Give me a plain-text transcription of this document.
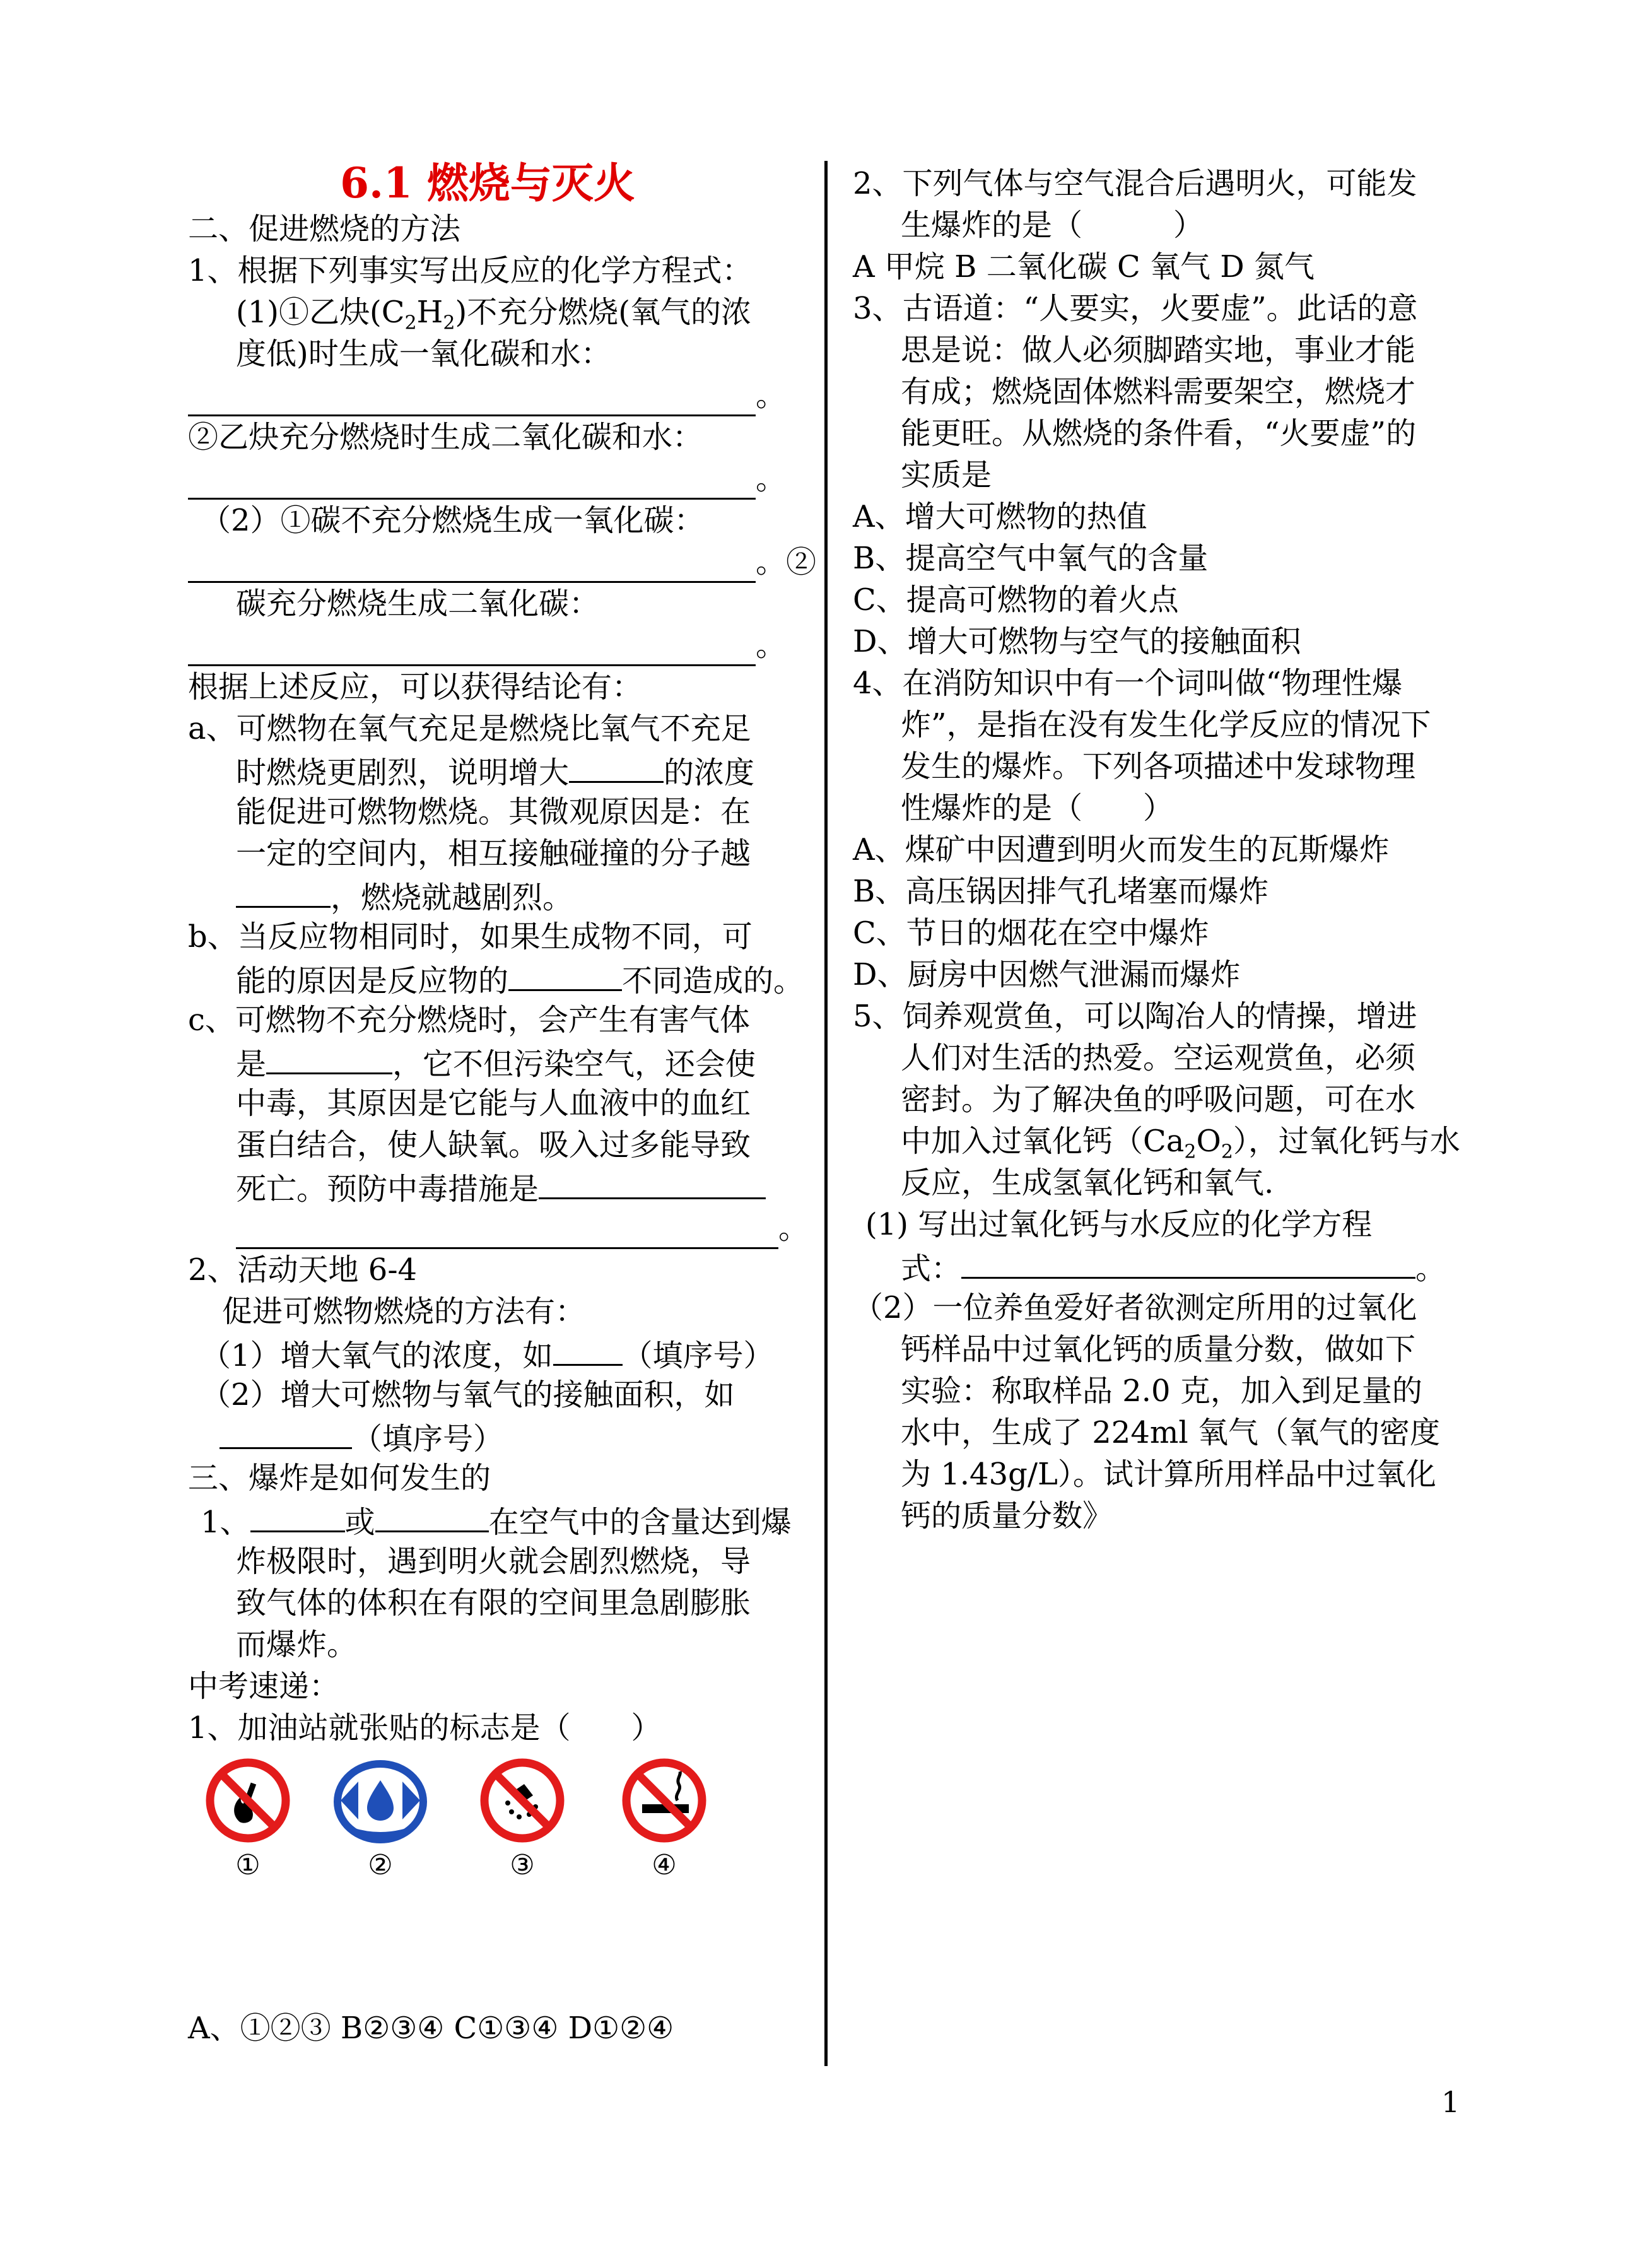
6.1 燃烧与灭火
二、促进燃烧的方法
1、根据下列事实写出反应的化学方程式：
(1)①乙炔$(C_2H_2)$不充分燃烧(氧气的浓
度低)时生成一氧化碳和水：
。
②乙炔充分燃烧时生成二氧化碳和水：
。
（2）①碳不充分燃烧生成一氧化碳：
。②
碳充分燃烧生成二氧化碳：
。
根据上述反应，可以获得结论有：
a、可燃物在氧气充足是燃烧比氧气不充足
时燃烧更剧烈，说明增大	的浓度
能促进可燃物燃烧。其微观原因是：在
一定的空间内，相互接触碰撞的分子越
，燃烧就越剧烈。
b、当反应物相同时，如果生成物不同，可
能的原因是反应物的	不同造成的。
c、可燃物不充分燃烧时，会产生有害气体
是	，它不但污染空气，还会使
中毒，其原因是它能与人血液中的血红
蛋白结合，使人缺氧。吸入过多能导致
死亡。预防中毒措施是
。
2、活动天地 6-4
促进可燃物燃烧的方法有：
（1）增大氧气的浓度，如 （填序号）
（2）增大可燃物与氧气的接触面积，如
（填序号）
三、爆炸是如何发生的
1、	或	在空气中的含量达到爆
炸极限时，遇到明火就会剧烈燃烧，导
致气体的体积在有限的空间里急剧膨胀
而爆炸。
中考速递：
1、加油站就张贴的标志是（　　）
①	②	③	④
A、①②③ B②③④ C①③④ D①②④
2、下列气体与空气混合后遇明火，可能发
生爆炸的是（　　　）
A 甲烷 B 二氧化碳 C 氧气 D 氮气
3、古语道：“人要实，火要虚”。此话的意
思是说：做人必须脚踏实地，事业才能
有成；燃烧固体燃料需要架空，燃烧才
能更旺。从燃烧的条件看，“火要虚”的
实质是
A、增大可燃物的热值
B、提高空气中氧气的含量
C、提高可燃物的着火点
D、增大可燃物与空气的接触面积
4、在消防知识中有一个词叫做“物理性爆
炸”，是指在没有发生化学反应的情况下
发生的爆炸。下列各项描述中发球物理
性爆炸的是（　　）
A、煤矿中因遭到明火而发生的瓦斯爆炸
B、高压锅因排气孔堵塞而爆炸
C、节日的烟花在空中爆炸
D、厨房中因燃气泄漏而爆炸
5、饲养观赏鱼，可以陶冶人的情操，增进
人们对生活的热爱。空运观赏鱼，必须
密封。为了解决鱼的呼吸问题，可在水
中加入过氧化钙$(Ca_2O_2)$，过氧化钙与水
反应，生成氢氧化钙和氧气.
(1) 写出过氧化钙与水反应的化学方程
式：	。
（2）一位养鱼爱好者欲测定所用的过氧化
钙样品中过氧化钙的质量分数，做如下
实验：称取样品 2.0 克，加入到足量的
水中，生成了 224ml 氧气（氧气的密度
为 1.43g/L）。试计算所用样品中过氧化
钙的质量分数》
1
